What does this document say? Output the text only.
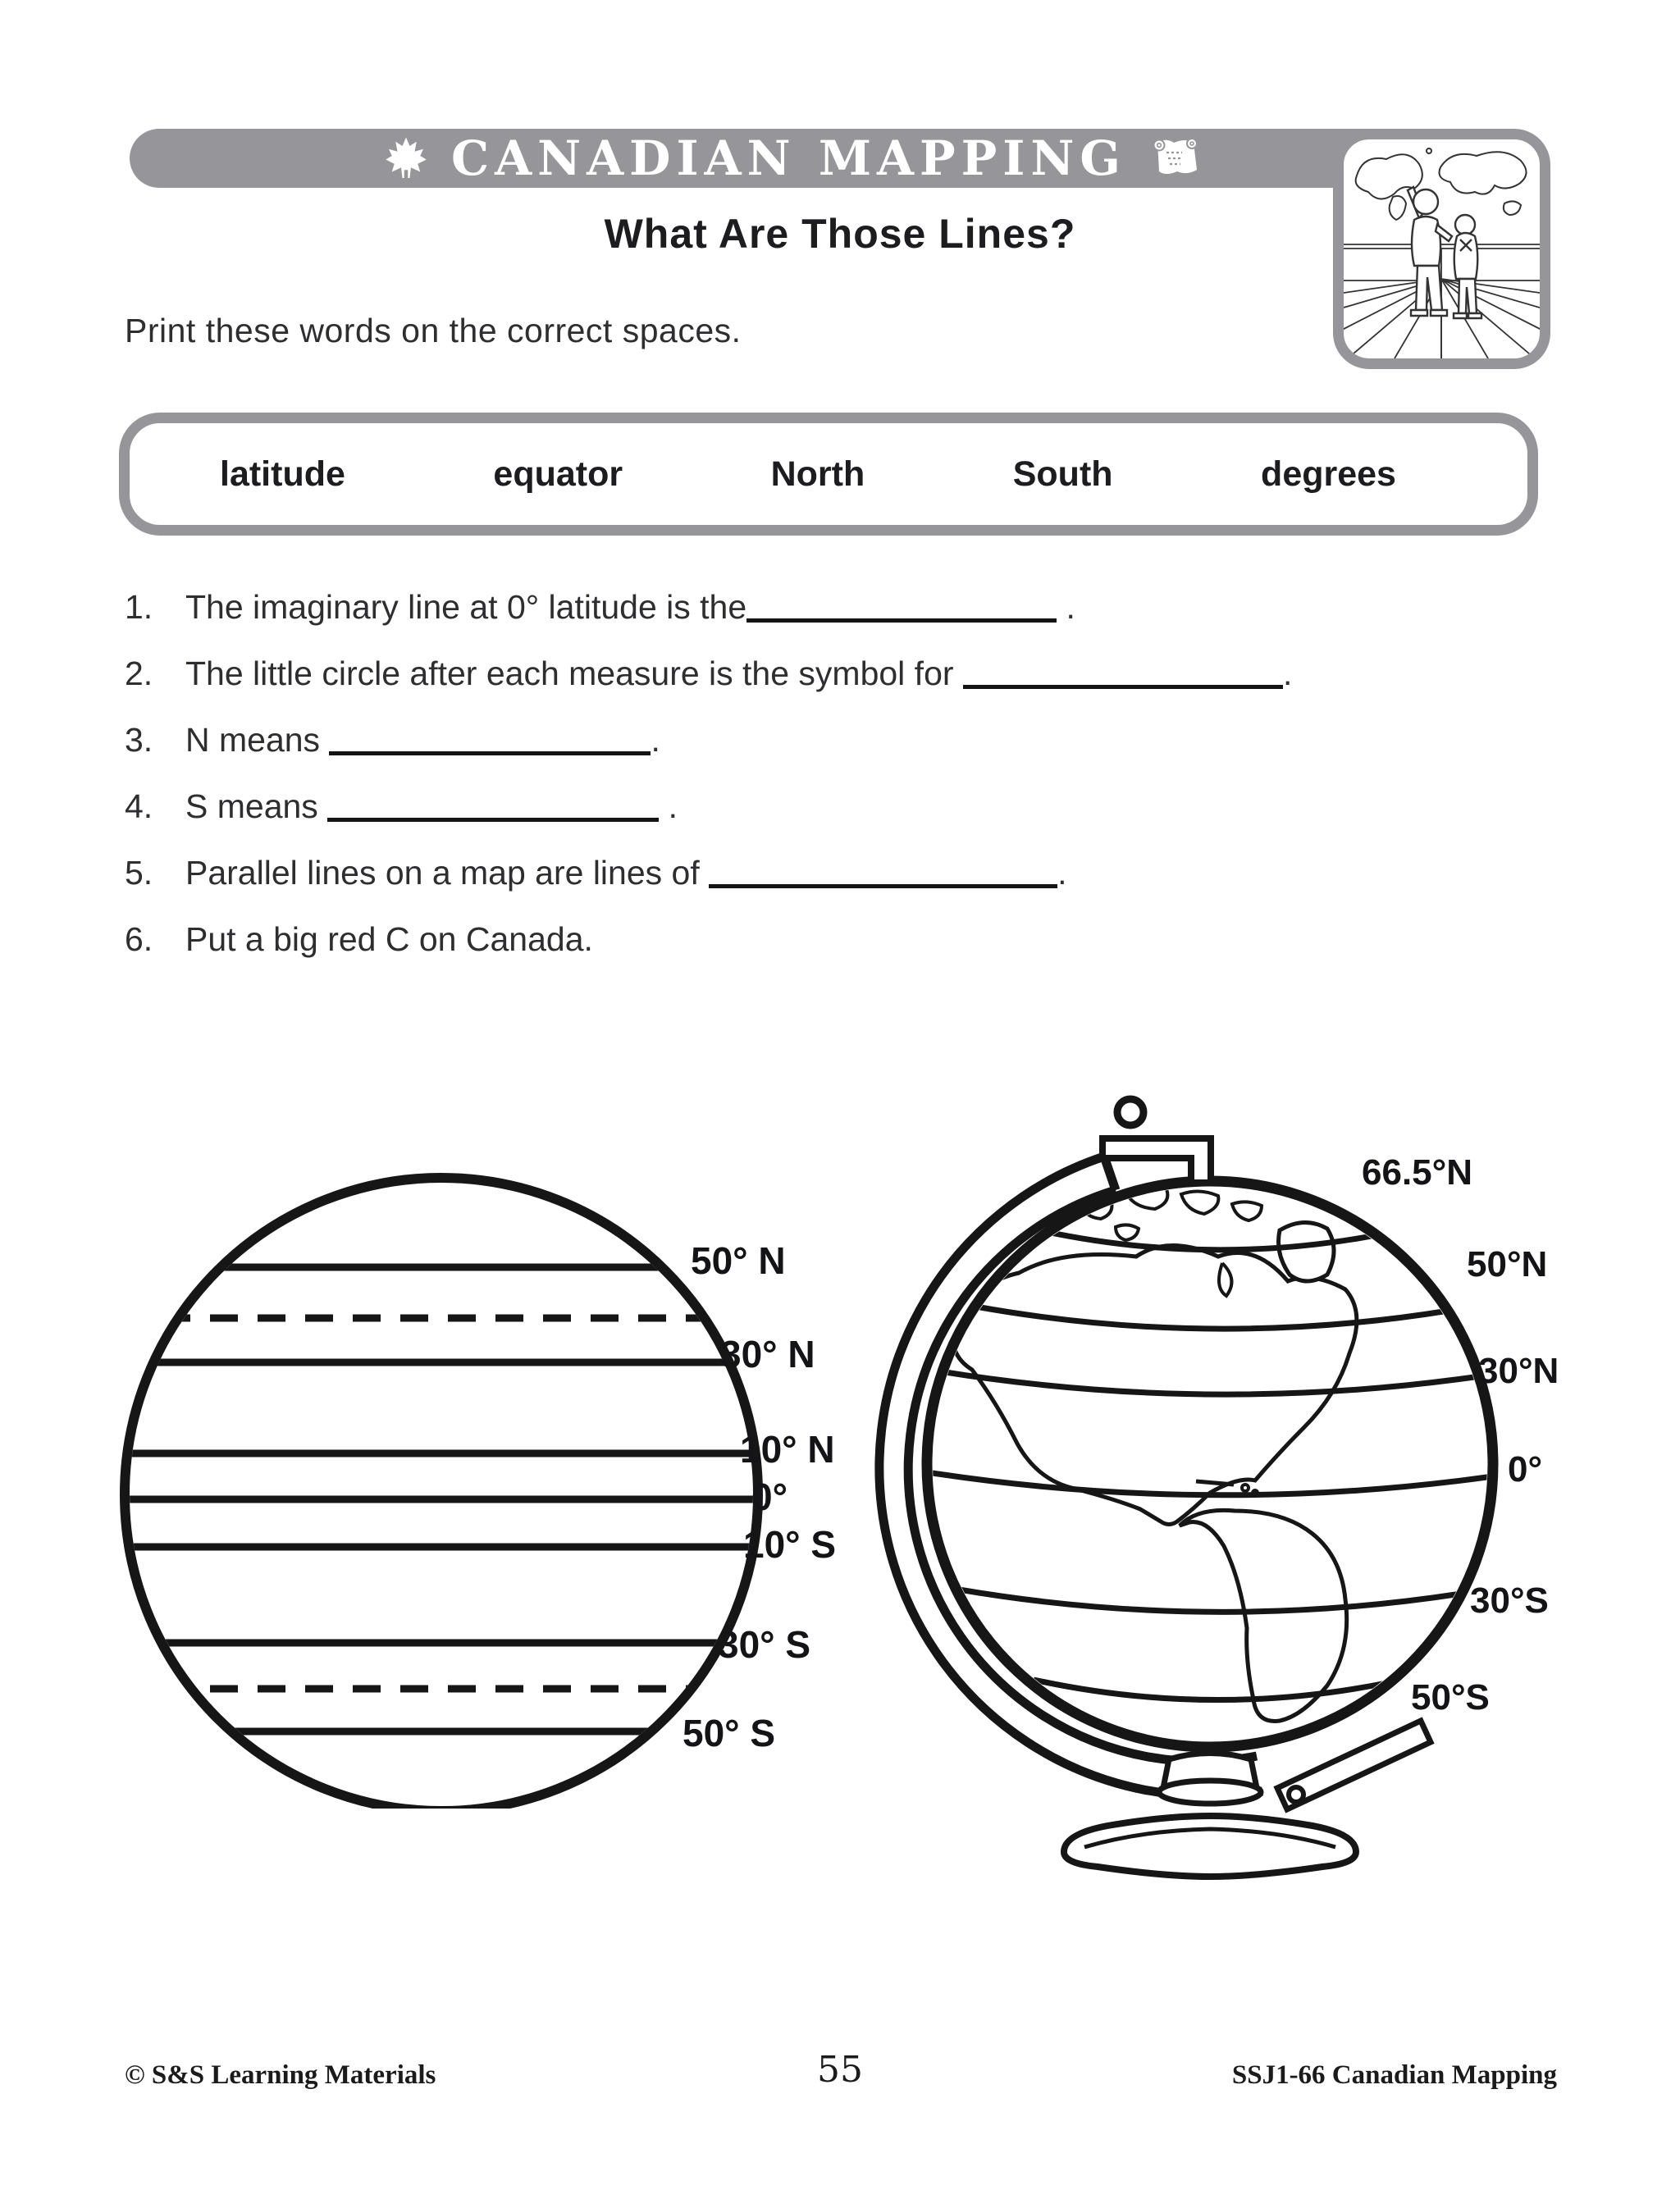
CANADIAN MAPPING
What Are Those Lines?
Print these words on the correct spaces.
latitude	equator	North	South	degrees
1. The imaginary line at 0° latitude is the	.
2. The little circle after each measure is the symbol for	.
3. N means	.
4. S means	.
5. Parallel lines on a map are lines of	.
6. Put a big red C on Canada.
50° N
30° N
10° N
0°
10° S
30° S
50° S
66.5°N
50°N
30°N
0°
30°S
50°S
© S&S Learning Materials	55	SSJ1-66 Canadian Mapping
